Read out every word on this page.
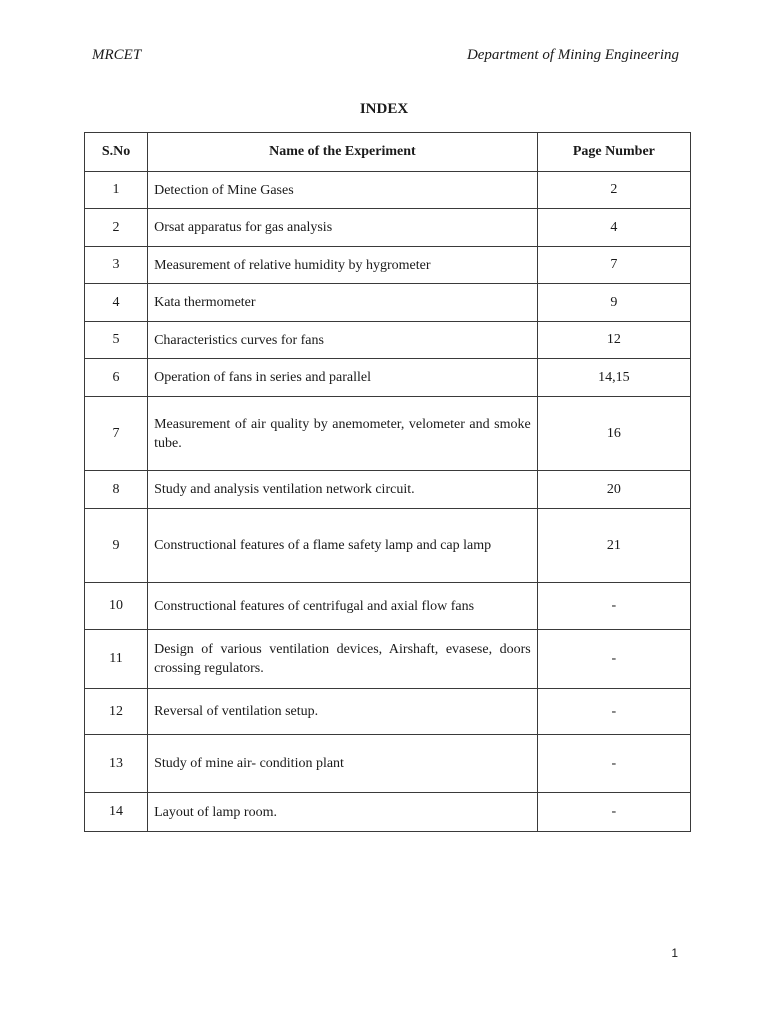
MRCET	Department of Mining Engineering
INDEX
S.No	Name of the Experiment	Page Number
1	Detection of Mine Gases	2
2	Orsat apparatus for gas analysis	4
3	Measurement of relative humidity by hygrometer	7
4	Kata thermometer	9
5	Characteristics curves for fans	12
6	Operation of fans in series and parallel	14,15
7	Measurement of air quality by anemometer, velometer and smoke tube.	16
8	Study and analysis ventilation network circuit.	20
9	Constructional features of a flame safety lamp and cap lamp	21
10	Constructional features of centrifugal and axial flow fans	-
11	Design of various ventilation devices, Airshaft, evasese, doors crossing regulators.	-
12	Reversal of ventilation setup.	-
13	Study of mine air- condition plant	-
14	Layout of lamp room.	-
1
